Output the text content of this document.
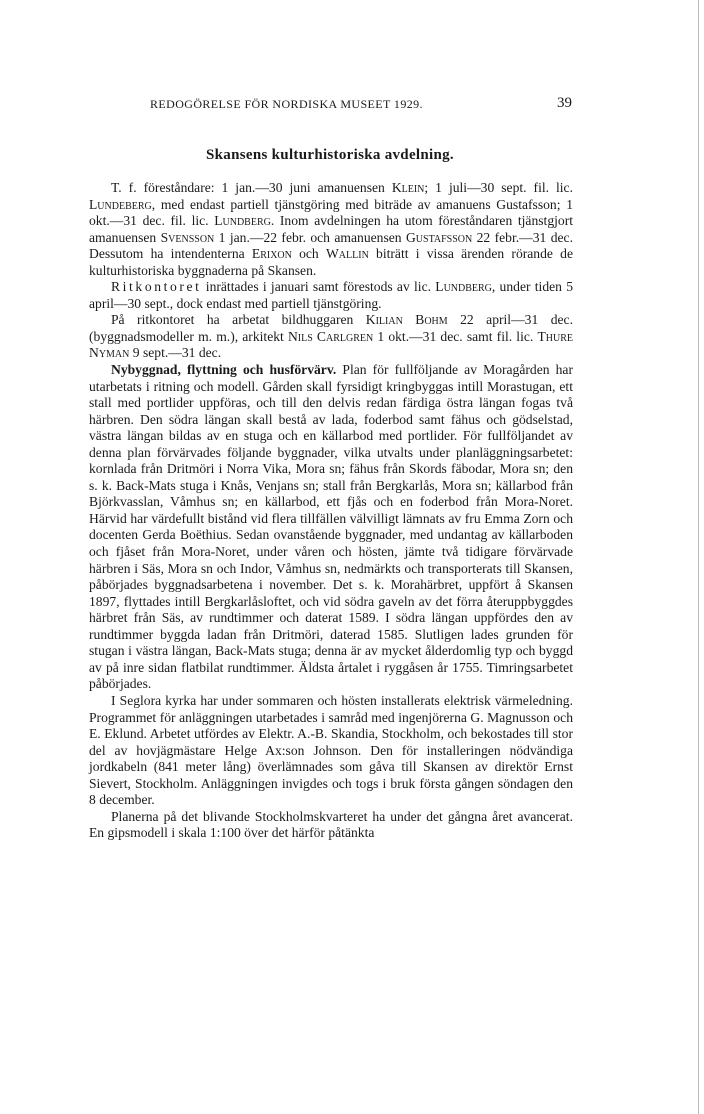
REDOGÖRELSE FÖR NORDISKA MUSEET 1929.	39
Skansens kulturhistoriska avdelning.

T. f. föreståndare: 1 jan.—30 juni amanuensen Klein; 1 juli—30 sept. fil. lic. Lundeberg, med endast partiell tjänstgöring med biträde av amanuens Gustafsson; 1 okt.—31 dec. fil. lic. Lundberg. Inom avdelningen ha utom föreståndaren tjänstgjort amanuensen Svensson 1 jan.—22 febr. och amanuensen Gustafsson 22 febr.—31 dec. Dessutom ha intendenterna Erixon och Wallin biträtt i vissa ärenden rörande de kulturhistoriska byggnaderna på Skansen.

Ritkontoret inrättades i januari samt förestods av lic. Lundberg, under tiden 5 april—30 sept., dock endast med partiell tjänstgöring.

På ritkontoret ha arbetat bildhuggaren Kilian Bohm 22 april—31 dec. (byggnadsmodeller m. m.), arkitekt Nils Carlgren 1 okt.—31 dec. samt fil. lic. Thure Nyman 9 sept.—31 dec.

Nybyggnad, flyttning och husförvärv. Plan för fullföljande av Moragården har utarbetats i ritning och modell. Gården skall fyrsidigt kringbyggas intill Morastugan, ett stall med portlider uppföras, och till den delvis redan färdiga östra längan fogas två härbren. Den södra längan skall bestå av lada, foderbod samt fähus och gödselstad, västra längan bildas av en stuga och en källarbod med portlider. För fullföljandet av denna plan förvärvades följande byggnader, vilka utvalts under planläggningsarbetet: kornlada från Dritmöri i Norra Vika, Mora sn; fähus från Skords fäbodar, Mora sn; den s. k. Back-Mats stuga i Knås, Venjans sn; stall från Bergkarlås, Mora sn; källarbod från Björkvasslan, Våmhus sn; en källarbod, ett fjås och en foderbod från Mora-Noret. Härvid har värdefullt bistånd vid flera tillfällen välvilligt lämnats av fru Emma Zorn och docenten Gerda Boëthius. Sedan ovanstående byggnader, med undantag av källarboden och fjåset från Mora-Noret, under våren och hösten, jämte två tidigare förvärvade härbren i Säs, Mora sn och Indor, Våmhus sn, nedmärkts och transporterats till Skansen, påbörjades byggnadsarbetena i november. Det s. k. Morahärbret, uppfört å Skansen 1897, flyttades intill Bergkarlåsloftet, och vid södra gaveln av det förra återuppbyggdes härbret från Säs, av rundtimmer och daterat 1589. I södra längan uppfördes den av rundtimmer byggda ladan från Dritmöri, daterad 1585. Slutligen lades grunden för stugan i västra längan, Back-Mats stuga; denna är av mycket ålderdomlig typ och byggd av på inre sidan flatbilat rundtimmer. Äldsta årtalet i ryggåsen år 1755. Timringsarbetet påbörjades.

I Seglora kyrka har under sommaren och hösten installerats elektrisk värmeledning. Programmet för anläggningen utarbetades i samråd med ingenjörerna G. Magnusson och E. Eklund. Arbetet utfördes av Elektr. A.-B. Skandia, Stockholm, och bekostades till stor del av hovjägmästare Helge Ax:son Johnson. Den för installeringen nödvändiga jordkabeln (841 meter lång) överlämnades som gåva till Skansen av direktör Ernst Sievert, Stockholm. Anläggningen invigdes och togs i bruk första gången söndagen den 8 december.

Planerna på det blivande Stockholmskvarteret ha under det gångna året avancerat. En gipsmodell i skala 1:100 över det härför påtänkta
